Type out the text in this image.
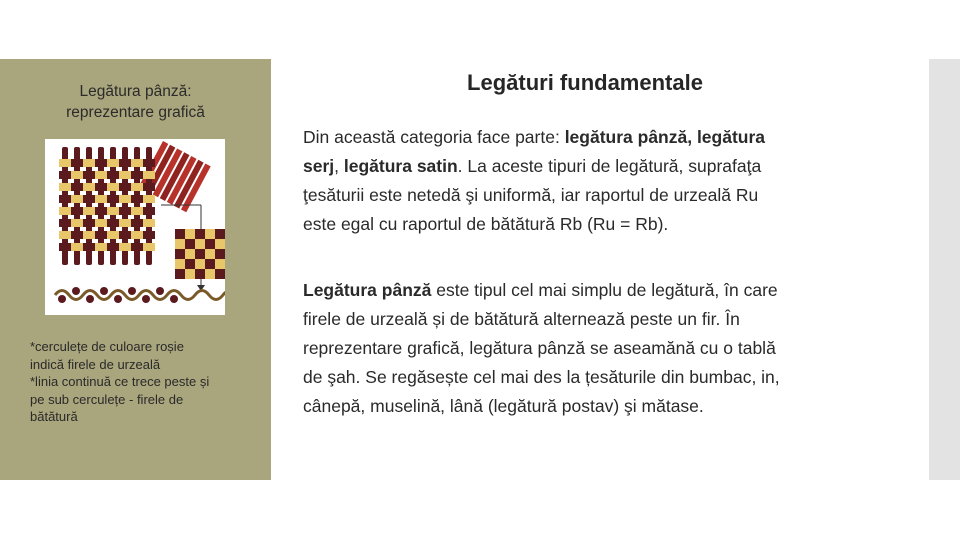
Legătura pânză:
reprezentare grafică
*cerculețe de culoare roșie
indică firele de urzeală
*linia continuă ce trece peste și
pe sub cerculețe - firele de
bătătură
Legături fundamentale
Din această categoria face parte: legătura pânză, legătura
serj, legătura satin. La aceste tipuri de legătură, suprafaţa
ţesăturii este netedă şi uniformă, iar raportul de urzeală Ru
este egal cu raportul de bătătură Rb (Ru = Rb).
Legătura pânză este tipul cel mai simplu de legătură, în care
firele de urzeală și de bătătură alternează peste un fir. În
reprezentare grafică, legătura pânză se aseamănă cu o tablă
de şah. Se regăsește cel mai des la țesăturile din bumbac, in,
cânepă, muselină, lână (legătură postav) şi mătase.
